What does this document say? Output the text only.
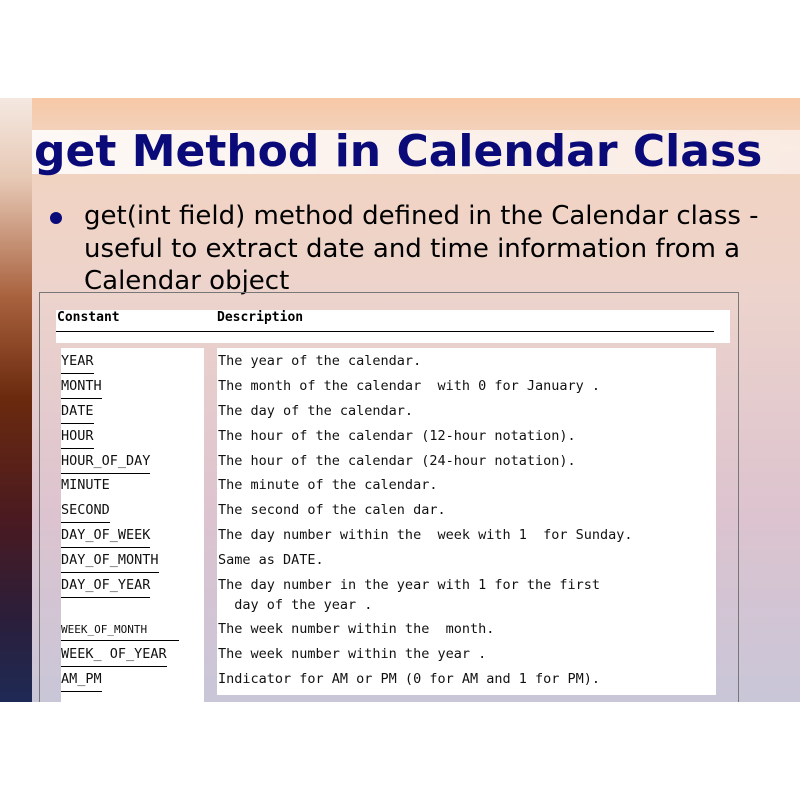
get Method in Calendar Class
get(int field) method defined in the Calendar class -useful to extract date and time information from a Calendar object
Constant	Description
YEAR
MONTH
DATE
HOUR
HOUR_OF_DAY
MINUTE
SECOND
DAY_OF_WEEK
DAY_OF_MONTH
DAY_OF_YEAR
WEEK_OF_MONTH
WEEK_ OF_YEAR
AM_PM
The year of the calendar.
The month of the calendar  with 0 for January .
The day of the calendar.
The hour of the calendar (12-hour notation).
The hour of the calendar (24-hour notation).
The minute of the calendar.
The second of the calen dar.
The day number within the  week with 1  for Sunday.
Same as DATE.
The day number in the year with 1 for the first
day of the year .
The week number within the  month.
The week number within the year .
Indicator for AM or PM (0 for AM and 1 for PM).
